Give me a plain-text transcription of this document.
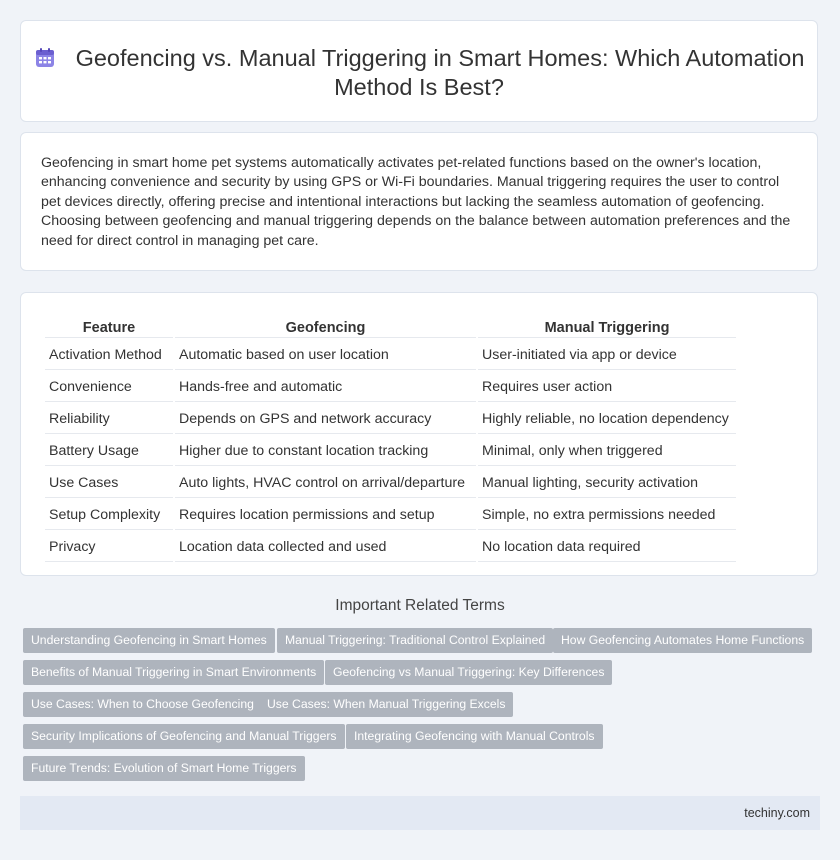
Geofencing vs. Manual Triggering in Smart Homes: Which Automation Method Is Best?
Geofencing in smart home pet systems automatically activates pet-related functions based on the owner's location, enhancing convenience and security by using GPS or Wi-Fi boundaries. Manual triggering requires the user to control pet devices directly, offering precise and intentional interactions but lacking the seamless automation of geofencing. Choosing between geofencing and manual triggering depends on the balance between automation preferences and the need for direct control in managing pet care.
Feature	Geofencing	Manual Triggering
Activation Method	Automatic based on user location	User-initiated via app or device
Convenience	Hands-free and automatic	Requires user action
Reliability	Depends on GPS and network accuracy	Highly reliable, no location dependency
Battery Usage	Higher due to constant location tracking	Minimal, only when triggered
Use Cases	Auto lights, HVAC control on arrival/departure	Manual lighting, security activation
Setup Complexity	Requires location permissions and setup	Simple, no extra permissions needed
Privacy	Location data collected and used	No location data required
Important Related Terms
Understanding Geofencing in Smart Homes	Manual Triggering: Traditional Control Explained	How Geofencing Automates Home Functions
Benefits of Manual Triggering in Smart Environments	Geofencing vs Manual Triggering: Key Differences
Use Cases: When to Choose Geofencing	Use Cases: When Manual Triggering Excels
Security Implications of Geofencing and Manual Triggers	Integrating Geofencing with Manual Controls
Future Trends: Evolution of Smart Home Triggers
techiny.com
